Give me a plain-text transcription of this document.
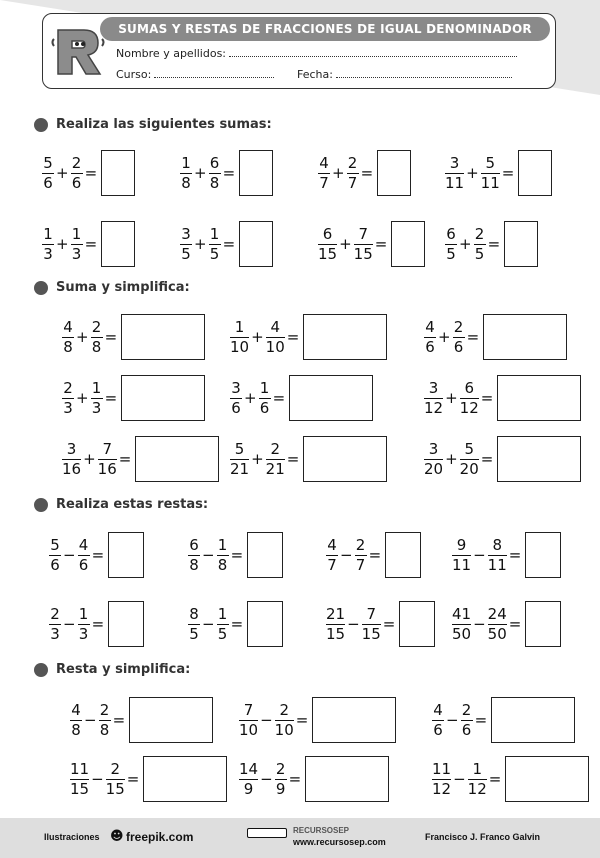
SUMAS Y RESTAS DE FRACCIONES DE IGUAL DENOMINADOR
Nombre y apellidos:
Curso:	Fecha:
Realiza las siguientes sumas:
$\frac{5}{6} + \frac{2}{6}$ =	$\frac{1}{8} + \frac{6}{8}$ =	$\frac{4}{7} + \frac{2}{7}$ =	$\frac{3}{11} + \frac{5}{11}$ =
$\frac{1}{3} + \frac{1}{3}$ =	$\frac{3}{5} + \frac{1}{5}$ =	$\frac{6}{15} + \frac{7}{15}$ =	$\frac{6}{5} + \frac{2}{5}$ =
Suma y simplifica:
$\frac{4}{8} + \frac{2}{8}$ =	$\frac{1}{10} + \frac{4}{10}$ =	$\frac{4}{6} + \frac{2}{6}$ =
$\frac{2}{3} + \frac{1}{3}$ =	$\frac{3}{6} + \frac{1}{6}$ =	$\frac{3}{12} + \frac{6}{12}$ =
$\frac{3}{16} + \frac{7}{16}$ =	$\frac{5}{21} + \frac{2}{21}$ =	$\frac{3}{20} + \frac{5}{20}$ =
Realiza estas restas:
$\frac{5}{6} - \frac{4}{6}$ =	$\frac{6}{8} - \frac{1}{8}$ =	$\frac{4}{7} - \frac{2}{7}$ =	$\frac{9}{11} - \frac{8}{11}$ =
$\frac{2}{3} - \frac{1}{3}$ =	$\frac{8}{5} - \frac{1}{5}$ =	$\frac{21}{15} - \frac{7}{15}$ =	$\frac{41}{50} - \frac{24}{50}$ =
Resta y simplifica:
$\frac{4}{8} - \frac{2}{8}$ =	$\frac{7}{10} - \frac{2}{10}$ =	$\frac{4}{6} - \frac{2}{6}$ =
$\frac{11}{15} - \frac{2}{15}$ =	$\frac{14}{9} - \frac{2}{9}$ =	$\frac{11}{12} - \frac{1}{12}$ =
Ilustraciones ☻ freepik.com	RECURSOSEP
www.recursosep.com	Francisco J. Franco Galvin
